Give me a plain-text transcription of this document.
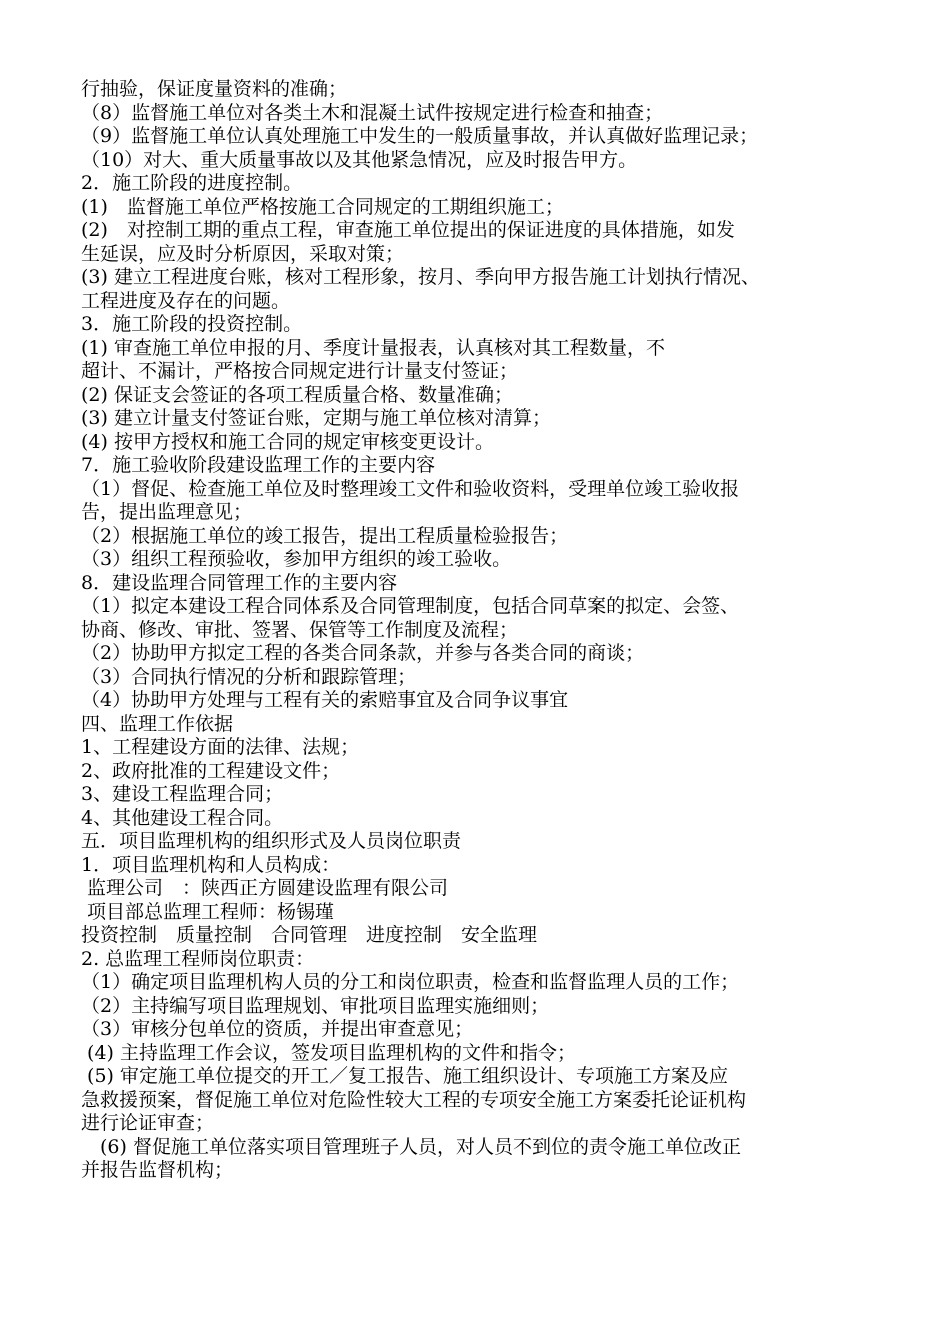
行抽验，保证度量资料的准确；
（8）监督施工单位对各类土木和混凝土试件按规定进行检查和抽查；
（9）监督施工单位认真处理施工中发生的一般质量事故，并认真做好监理记录；
（10）对大、重大质量事故以及其他紧急情况，应及时报告甲方。
2．施工阶段的进度控制。
(1)　监督施工单位严格按施工合同规定的工期组织施工；
(2)　对控制工期的重点工程，审查施工单位提出的保证进度的具体措施，如发
生延误，应及时分析原因，采取对策；
(3) 建立工程进度台账，核对工程形象，按月、季向甲方报告施工计划执行情况、
工程进度及存在的问题。
3．施工阶段的投资控制。
(1) 审查施工单位申报的月、季度计量报表，认真核对其工程数量，不
超计、不漏计，严格按合同规定进行计量支付签证；
(2) 保证支会签证的各项工程质量合格、数量准确；
(3) 建立计量支付签证台账，定期与施工单位核对清算；
(4) 按甲方授权和施工合同的规定审核变更设计。
7．施工验收阶段建设监理工作的主要内容
（1）督促、检查施工单位及时整理竣工文件和验收资料，受理单位竣工验收报
告，提出监理意见；
（2）根据施工单位的竣工报告，提出工程质量检验报告；
（3）组织工程预验收，参加甲方组织的竣工验收。
8．建设监理合同管理工作的主要内容
（1）拟定本建设工程合同体系及合同管理制度，包括合同草案的拟定、会签、
协商、修改、审批、签署、保管等工作制度及流程；
（2）协助甲方拟定工程的各类合同条款，并参与各类合同的商谈；
（3）合同执行情况的分析和跟踪管理；
（4）协助甲方处理与工程有关的索赔事宜及合同争议事宜
四、监理工作依据
1、工程建设方面的法律、法规；
2、政府批准的工程建设文件；
3、建设工程监理合同；
4、其他建设工程合同。
五．项目监理机构的组织形式及人员岗位职责
1．项目监理机构和人员构成：
监理公司　：陕西正方圆建设监理有限公司
项目部总监理工程师：杨锡瑾
投资控制　质量控制　合同管理　进度控制　安全监理
2. 总监理工程师岗位职责：
（1）确定项目监理机构人员的分工和岗位职责，检查和监督监理人员的工作；
（2）主持编写项目监理规划、审批项目监理实施细则；
（3）审核分包单位的资质，并提出审查意见；
(4) 主持监理工作会议，签发项目监理机构的文件和指令；
(5) 审定施工单位提交的开工／复工报告、施工组织设计、专项施工方案及应
急救援预案，督促施工单位对危险性较大工程的专项安全施工方案委托论证机构
进行论证审查；
　(6) 督促施工单位落实项目管理班子人员，对人员不到位的责令施工单位改正
并报告监督机构；
